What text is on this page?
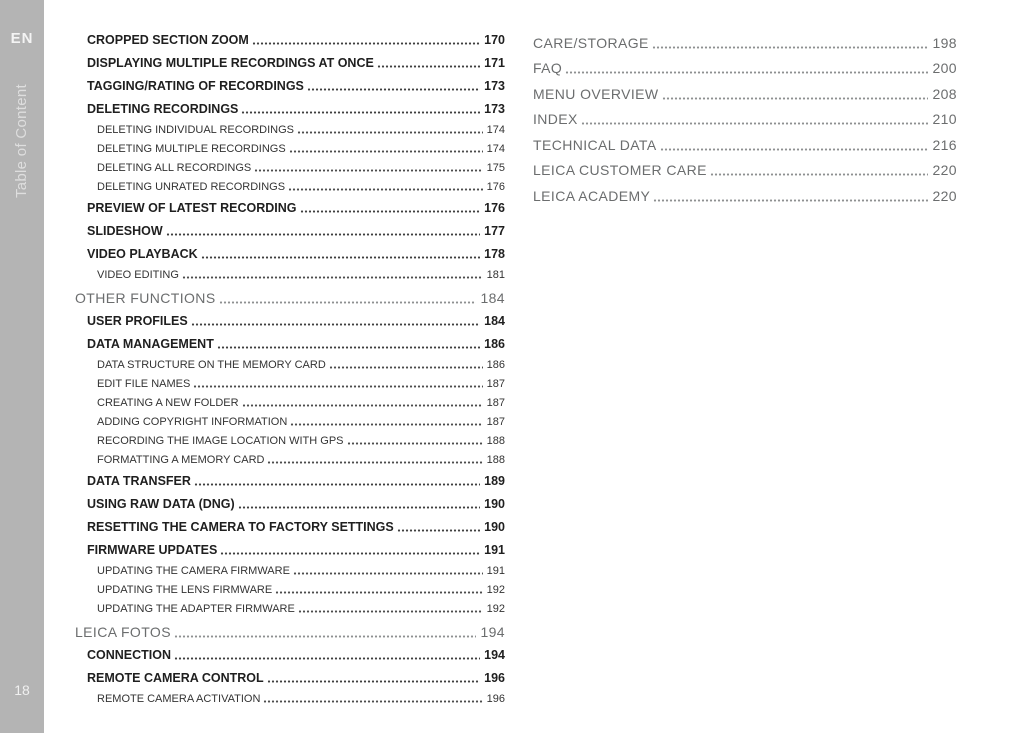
EN
Table of Content
18
CROPPED SECTION ZOOM	170
DISPLAYING MULTIPLE RECORDINGS AT ONCE	171
TAGGING/RATING OF RECORDINGS	173
DELETING RECORDINGS	173
DELETING INDIVIDUAL RECORDINGS	174
DELETING MULTIPLE RECORDINGS	174
DELETING ALL RECORDINGS	175
DELETING UNRATED RECORDINGS	176
PREVIEW OF LATEST RECORDING	176
SLIDESHOW	177
VIDEO PLAYBACK	178
VIDEO EDITING	181
OTHER FUNCTIONS	184
USER PROFILES	184
DATA MANAGEMENT	186
DATA STRUCTURE ON THE MEMORY CARD	186
EDIT FILE NAMES	187
CREATING A NEW FOLDER	187
ADDING COPYRIGHT INFORMATION	187
RECORDING THE IMAGE LOCATION WITH GPS	188
FORMATTING A MEMORY CARD	188
DATA TRANSFER	189
USING RAW DATA (DNG)	190
RESETTING THE CAMERA TO FACTORY SETTINGS	190
FIRMWARE UPDATES	191
UPDATING THE CAMERA FIRMWARE	191
UPDATING THE LENS FIRMWARE	192
UPDATING THE ADAPTER FIRMWARE	192
LEICA FOTOS	194
CONNECTION	194
REMOTE CAMERA CONTROL	196
REMOTE CAMERA ACTIVATION	196
CARE/STORAGE	198
FAQ	200
MENU OVERVIEW	208
INDEX	210
TECHNICAL DATA	216
LEICA CUSTOMER CARE	220
LEICA ACADEMY	220
